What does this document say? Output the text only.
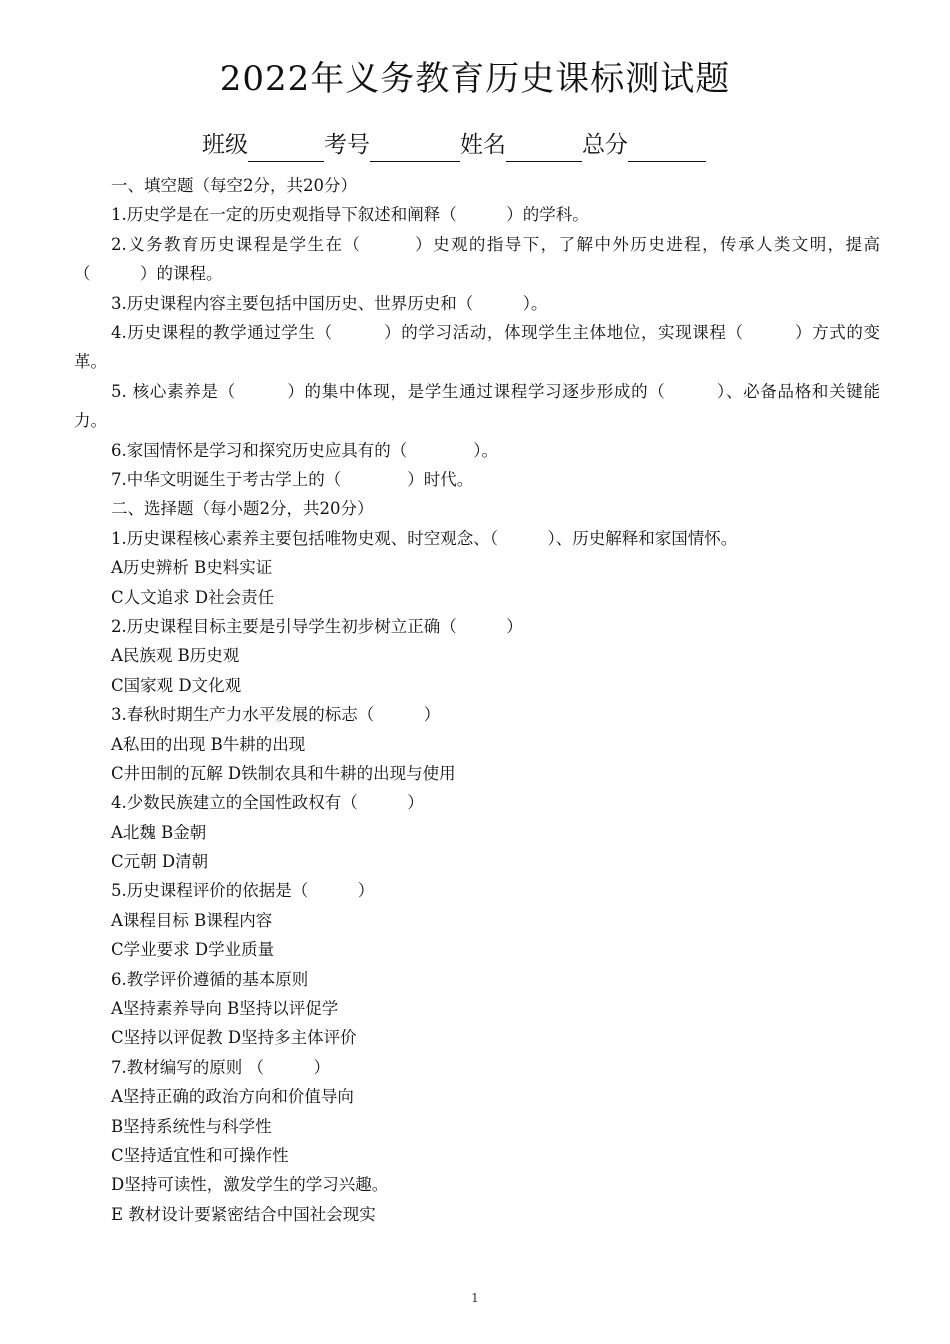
2022年义务教育历史课标测试题
班级	考号	姓名	总分
一、填空题（每空2分，共20分）
1.历史学是在一定的历史观指导下叙述和阐释（　　　）的学科。
2.义务教育历史课程是学生在（　　　）史观的指导下，了解中外历史进程，传承人类文明，提高（　　　）的课程。
3.历史课程内容主要包括中国历史、世界历史和（　　　）。
4.历史课程的教学通过学生（　　　）的学习活动，体现学生主体地位，实现课程（　　　）方式的变革。
5. 核心素养是（　　　）的集中体现，是学生通过课程学习逐步形成的（　　　）、必备品格和关键能力。
6.家国情怀是学习和探究历史应具有的（　　　　）。
7.中华文明诞生于考古学上的（　　　　）时代。
二、选择题（每小题2分，共20分）
1.历史课程核心素养主要包括唯物史观、时空观念、（　　　）、历史解释和家国情怀。
A历史辨析 B史料实证
C人文追求 D社会责任
2.历史课程目标主要是引导学生初步树立正确（　　　）
A民族观 B历史观
C国家观 D文化观
3.春秋时期生产力水平发展的标志（　　　）
A私田的出现 B牛耕的出现
C井田制的瓦解 D铁制农具和牛耕的出现与使用
4.少数民族建立的全国性政权有（　　　）
A北魏 B金朝
C元朝 D清朝
5.历史课程评价的依据是（　　　）
A课程目标 B课程内容
C学业要求 D学业质量
6.教学评价遵循的基本原则
A坚持素养导向 B坚持以评促学
C坚持以评促教 D坚持多主体评价
7.教材编写的原则 （　　　）
A坚持正确的政治方向和价值导向
B坚持系统性与科学性
C坚持适宜性和可操作性
D坚持可读性，激发学生的学习兴趣。
E 教材设计要紧密结合中国社会现实
1
